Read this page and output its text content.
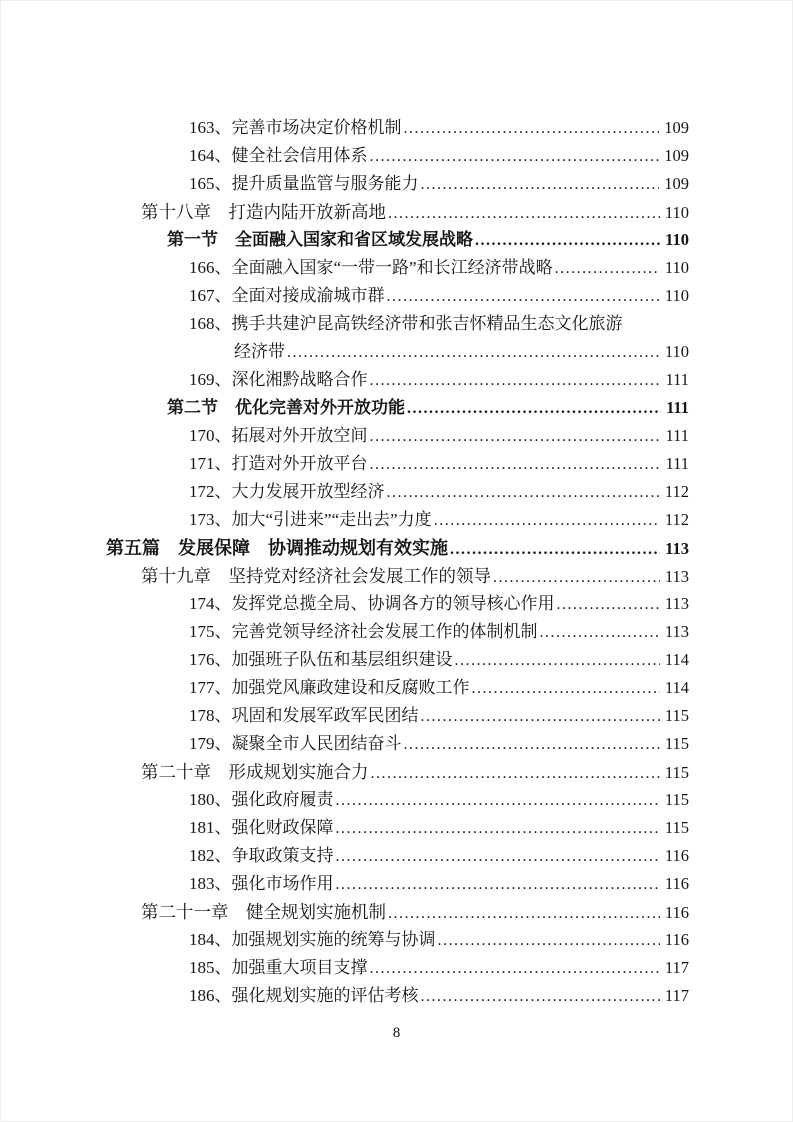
163、完善市场决定价格机制 .....	109
164、健全社会信用体系 .....	109
165、提升质量监管与服务能力 .....	109
第十八章　打造内陆开放新高地 .....	110
第一节　全面融入国家和省区域发展战略 .....	110
166、全面融入国家“一带一路”和长江经济带战略 .....	110
167、全面对接成渝城市群 .....	110
168、携手共建沪昆高铁经济带和张吉怀精品生态文化旅游
经济带 .....	110
169、深化湘黔战略合作 .....	111
第二节　优化完善对外开放功能 .....	111
170、拓展对外开放空间 .....	111
171、打造对外开放平台 .....	111
172、大力发展开放型经济 .....	112
173、加大“引进来”“走出去”力度 .....	112
第五篇　发展保障　协调推动规划有效实施 .....	113
第十九章　坚持党对经济社会发展工作的领导 .....	113
174、发挥党总揽全局、协调各方的领导核心作用 .....	113
175、完善党领导经济社会发展工作的体制机制 .....	113
176、加强班子队伍和基层组织建设 .....	114
177、加强党风廉政建设和反腐败工作 .....	114
178、巩固和发展军政军民团结 .....	115
179、凝聚全市人民团结奋斗 .....	115
第二十章　形成规划实施合力 .....	115
180、强化政府履责 .....	115
181、强化财政保障 .....	115
182、争取政策支持 .....	116
183、强化市场作用 .....	116
第二十一章　健全规划实施机制 .....	116
184、加强规划实施的统筹与协调 .....	116
185、加强重大项目支撑 .....	117
186、强化规划实施的评估考核 .....	117
8
